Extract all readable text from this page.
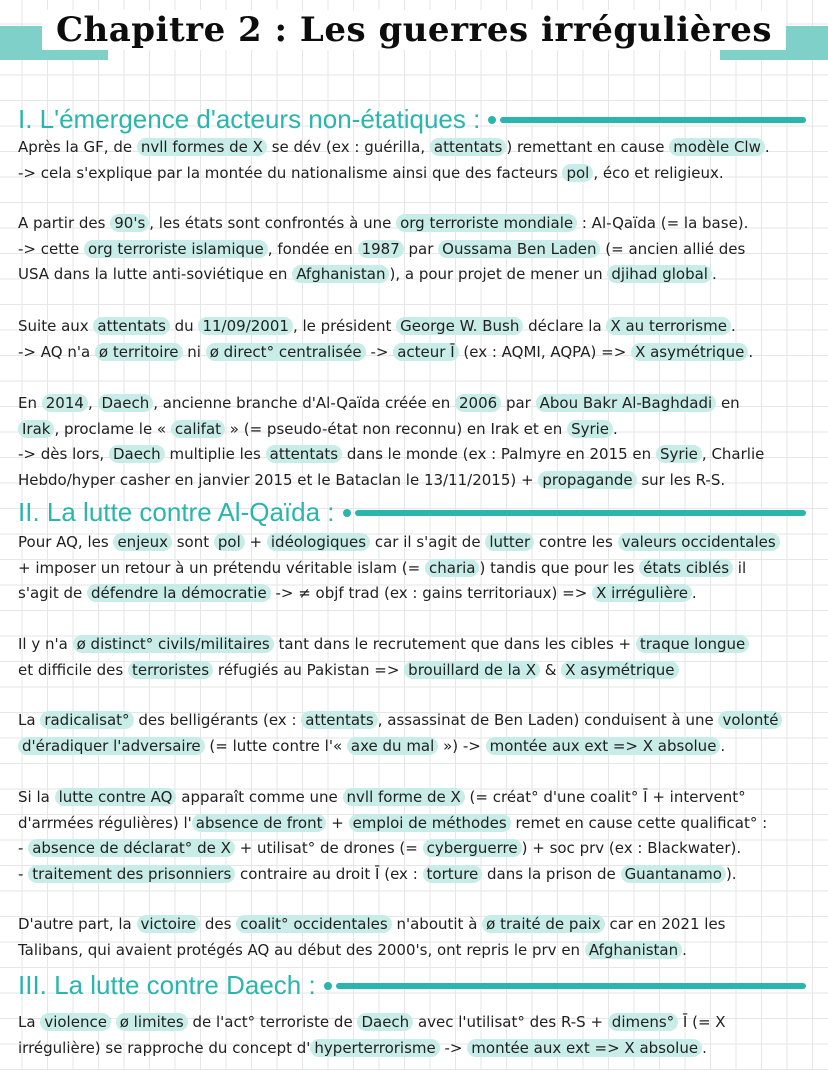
Chapitre 2 : Les guerres irrégulières
I. L'émergence d'acteurs non-étatiques :

Après la GF, de nvll formes de X se dév (ex : guérilla, attentats ) remettant en cause modèle Clw .
-> cela s'explique par la montée du nationalisme ainsi que des facteurs pol , éco et religieux.

A partir des 90's , les états sont confrontés à une org terroriste mondiale : Al-Qaïda (= la base).
-> cette org terroriste islamique , fondée en 1987 par Oussama Ben Laden (= ancien allié des
USA dans la lutte anti-soviétique en Afghanistan ), a pour projet de mener un djihad global .

Suite aux attentats du 11/09/2001 , le président George W. Bush déclare la X au terrorisme .
-> AQ n'a ø territoire ni ø direct° centralisée -> acteur Ī (ex : AQMI, AQPA) => X asymétrique .

En 2014 , Daech , ancienne branche d'Al-Qaïda créée en 2006 par Abou Bakr Al-Baghdadi en
Irak , proclame le « califat » (= pseudo-état non reconnu) en Irak et en Syrie .
-> dès lors, Daech multiplie les attentats dans le monde (ex : Palmyre en 2015 en Syrie , Charlie
Hebdo/hyper casher en janvier 2015 et le Bataclan le 13/11/2015) + propagande sur les R-S.

II. La lutte contre Al-Qaïda :

Pour AQ, les enjeux sont pol + idéologiques car il s'agit de lutter contre les valeurs occidentales
+ imposer un retour à un prétendu véritable islam (= charia ) tandis que pour les états ciblés il
s'agit de défendre la démocratie -> ≠ objf trad (ex : gains territoriaux) => X irrégulière .

Il y n'a ø distinct° civils/militaires tant dans le recrutement que dans les cibles + traque longue
et difficile des terroristes réfugiés au Pakistan => brouillard de la X & X asymétrique

La radicalisat° des belligérants (ex : attentats , assassinat de Ben Laden) conduisent à une volonté
d'éradiquer l'adversaire (= lutte contre l'« axe du mal ») -> montée aux ext => X absolue .

Si la lutte contre AQ apparaît comme une nvll forme de X (= créat° d'une coalit° Ī + intervent°
d'arrmées régulières) l' absence de front + emploi de méthodes remet en cause cette qualificat° :
- absence de déclarat° de X + utilisat° de drones (= cyberguerre ) + soc prv (ex : Blackwater).
- traitement des prisonniers contraire au droit Ī (ex : torture dans la prison de Guantanamo ).

D'autre part, la victoire des coalit° occidentales n'aboutit à ø traité de paix car en 2021 les
Talibans, qui avaient protégés AQ au début des 2000's, ont repris le prv en Afghanistan .

III. La lutte contre Daech :

La violence ø limites de l'act° terroriste de Daech avec l'utilisat° des R-S + dimens° Ī (= X
irrégulière) se rapproche du concept d' hyperterrorisme -> montée aux ext => X absolue .
